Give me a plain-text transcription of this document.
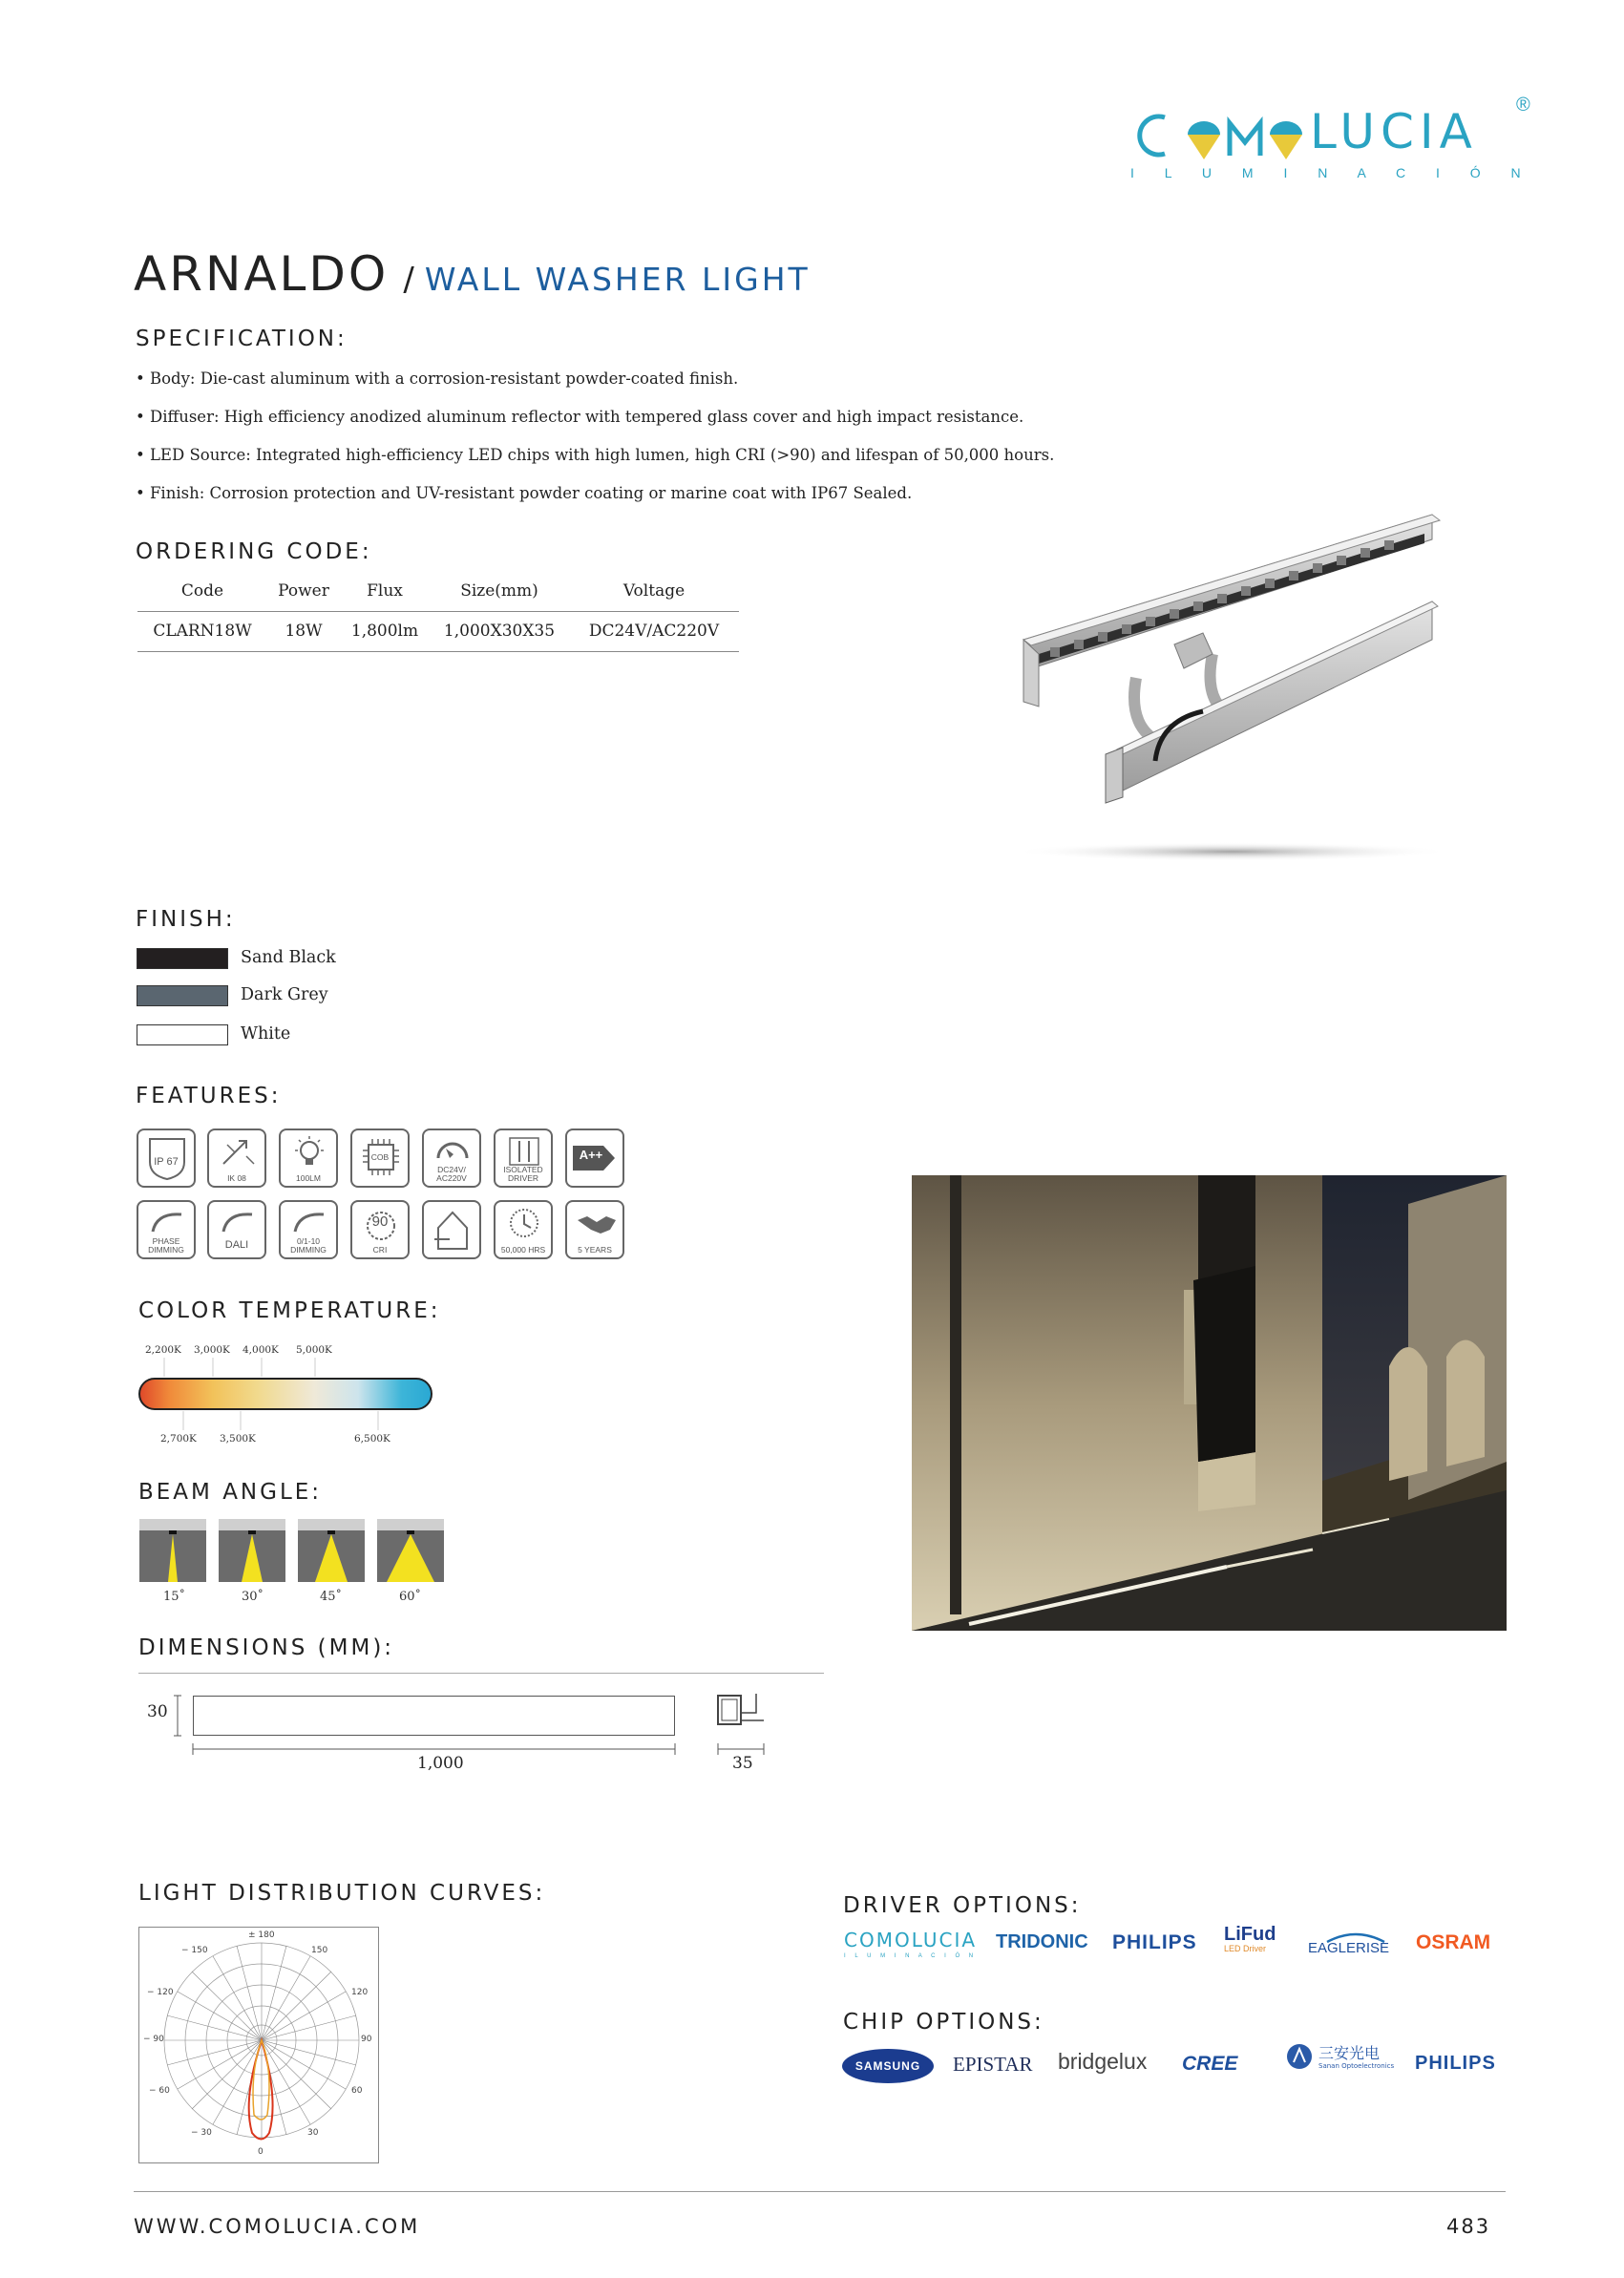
LUCIA ®
I L U M I N A C I Ó N
ARNALDO / WALL WASHER LIGHT
SPECIFICATION:
• Body: Die-cast aluminum with a corrosion-resistant powder-coated finish.
• Diffuser: High efficiency anodized aluminum reflector with tempered glass cover and high impact resistance.
• LED Source: Integrated high-efficiency LED chips with high lumen, high CRI (>90) and lifespan of 50,000 hours.
• Finish: Corrosion protection and UV-resistant powder coating or marine coat with IP67 Sealed.
ORDERING CODE:
Code	Power	Flux	Size(mm)	Voltage
CLARN18W	18W	1,800lm	1,000X30X35	DC24V/AC220V
FINISH:
Sand Black
Dark Grey
White
FEATURES:
IP 67
IK 08	100LM
COB
DC24V/ AC220V
ISOLATED DRIVER
A++
PHASE DIMMING	DALI	0/1-10 DIMMING
90
CRI	50,000 HRS	5 YEARS
COLOR TEMPERATURE:
2,200K 3,000K 4,000K 5,000K
2,700K 3,500K	6,500K
BEAM ANGLE:
15˚	30˚	45˚	60˚
DIMENSIONS (MM):
30
1,000	35
LIGHT DISTRIBUTION CURVES:
± 180
− 150	150
− 120	120
− 90	90
− 60	60
− 30	30
0
DRIVER OPTIONS:
COMOLUCIA
I L U M I N A C I Ó N
TRIDONIC PHILIPS LiFud
LED Driver	EAGLERISE	OSRAM
CHIP OPTIONS:
SAMSUNG	EPISTAR bridgelux CREE	三安光电
Sanan Optoelectronics PHILIPS
WWW.COMOLUCIA.COM	483
